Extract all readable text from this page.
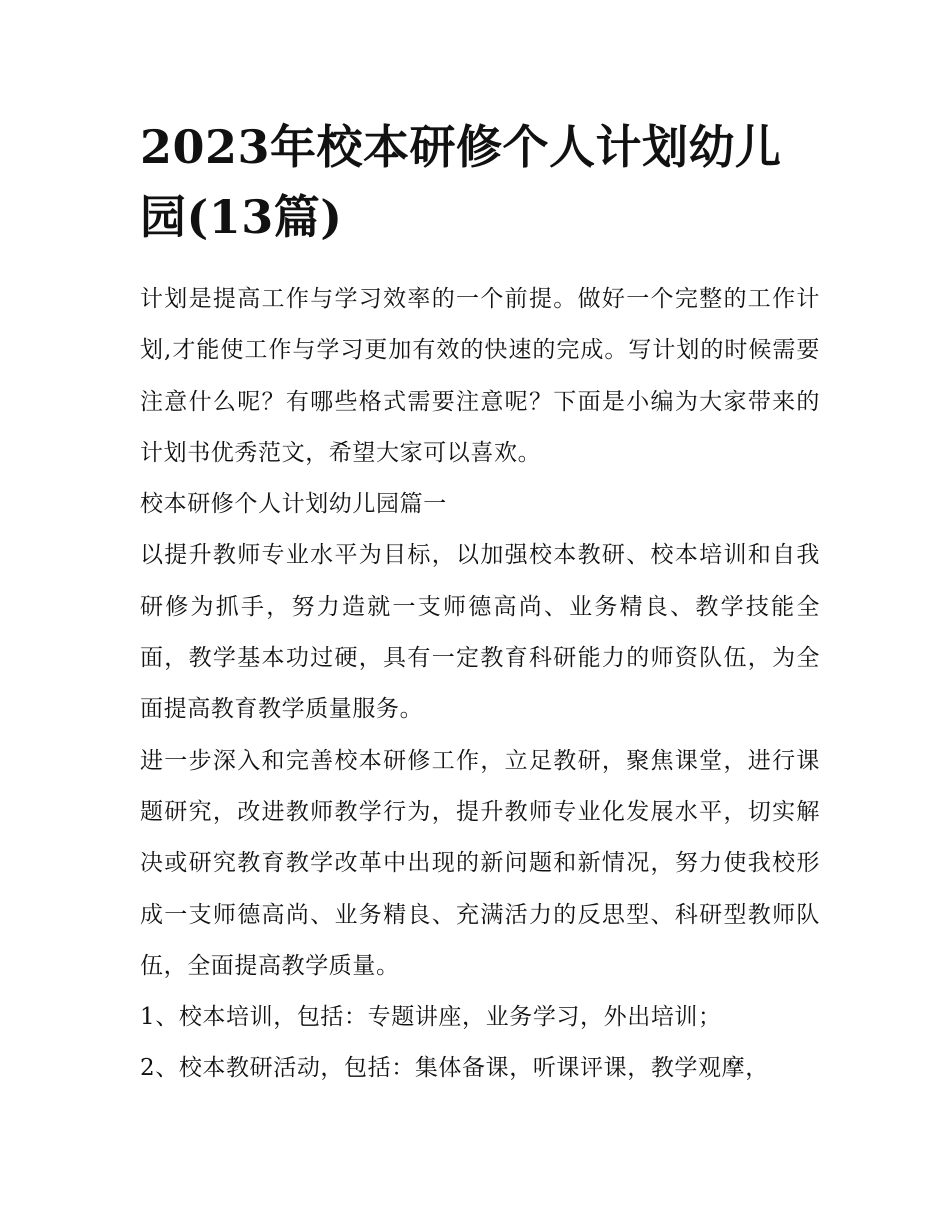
2023年校本研修个人计划幼儿园(13篇)

计划是提高工作与学习效率的一个前提。做好一个完整的工作计划,才能使工作与学习更加有效的快速的完成。写计划的时候需要注意什么呢？有哪些格式需要注意呢？下面是小编为大家带来的计划书优秀范文，希望大家可以喜欢。

校本研修个人计划幼儿园篇一

以提升教师专业水平为目标，以加强校本教研、校本培训和自我研修为抓手，努力造就一支师德高尚、业务精良、教学技能全面，教学基本功过硬，具有一定教育科研能力的师资队伍，为全面提高教育教学质量服务。

进一步深入和完善校本研修工作，立足教研，聚焦课堂，进行课题研究，改进教师教学行为，提升教师专业化发展水平，切实解决或研究教育教学改革中出现的新问题和新情况，努力使我校形成一支师德高尚、业务精良、充满活力的反思型、科研型教师队伍，全面提高教学质量。

1、校本培训，包括：专题讲座，业务学习，外出培训；

2、校本教研活动，包括：集体备课，听课评课，教学观摩，
